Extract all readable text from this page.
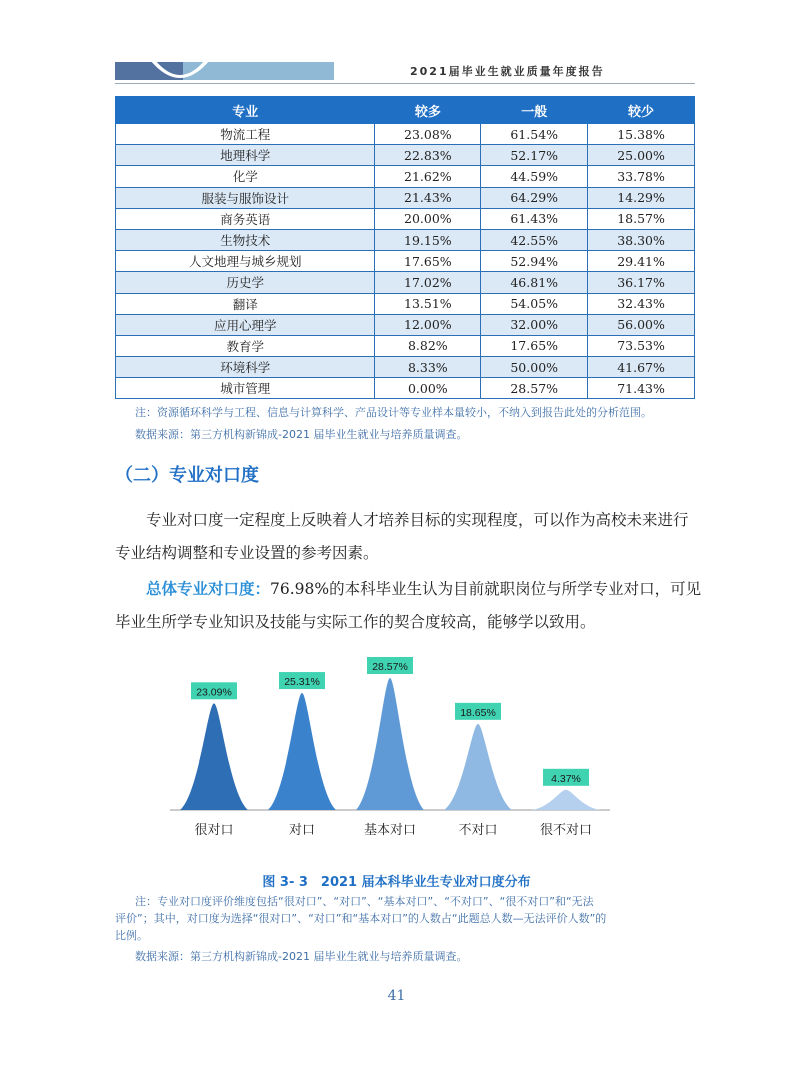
2021届毕业生就业质量年度报告
专业	较多	一般	较少
物流工程	23.08%	61.54%	15.38%
地理科学	22.83%	52.17%	25.00%
化学	21.62%	44.59%	33.78%
服装与服饰设计	21.43%	64.29%	14.29%
商务英语	20.00%	61.43%	18.57%
生物技术	19.15%	42.55%	38.30%
人文地理与城乡规划	17.65%	52.94%	29.41%
历史学	17.02%	46.81%	36.17%
翻译	13.51%	54.05%	32.43%
应用心理学	12.00%	32.00%	56.00%
教育学	8.82%	17.65%	73.53%
环境科学	8.33%	50.00%	41.67%
城市管理	0.00%	28.57%	71.43%
注：资源循环科学与工程、信息与计算科学、产品设计等专业样本量较小，不纳入到报告此处的分析范围。
数据来源：第三方机构新锦成-2021 届毕业生就业与培养质量调查。
（二）专业对口度
专业对口度一定程度上反映着人才培养目标的实现程度，可以作为高校未来进行
专业结构调整和专业设置的参考因素。
总体专业对口度：76.98%的本科毕业生认为目前就职岗位与所学专业对口，可见
毕业生所学专业知识及技能与实际工作的契合度较高，能够学以致用。
23.09%
很对口
25.31%
对口
28.57%
基本对口
18.65%
不对口
4.37%
很不对口
图 3- 3　2021 届本科毕业生专业对口度分布
注：专业对口度评价维度包括“很对口”、“对口”、“基本对口”、“不对口”、“很不对口”和“无法
评价”；其中，对口度为选择“很对口”、“对口”和“基本对口”的人数占“此题总人数—无法评价人数”的
比例。
数据来源：第三方机构新锦成-2021 届毕业生就业与培养质量调查。
41
